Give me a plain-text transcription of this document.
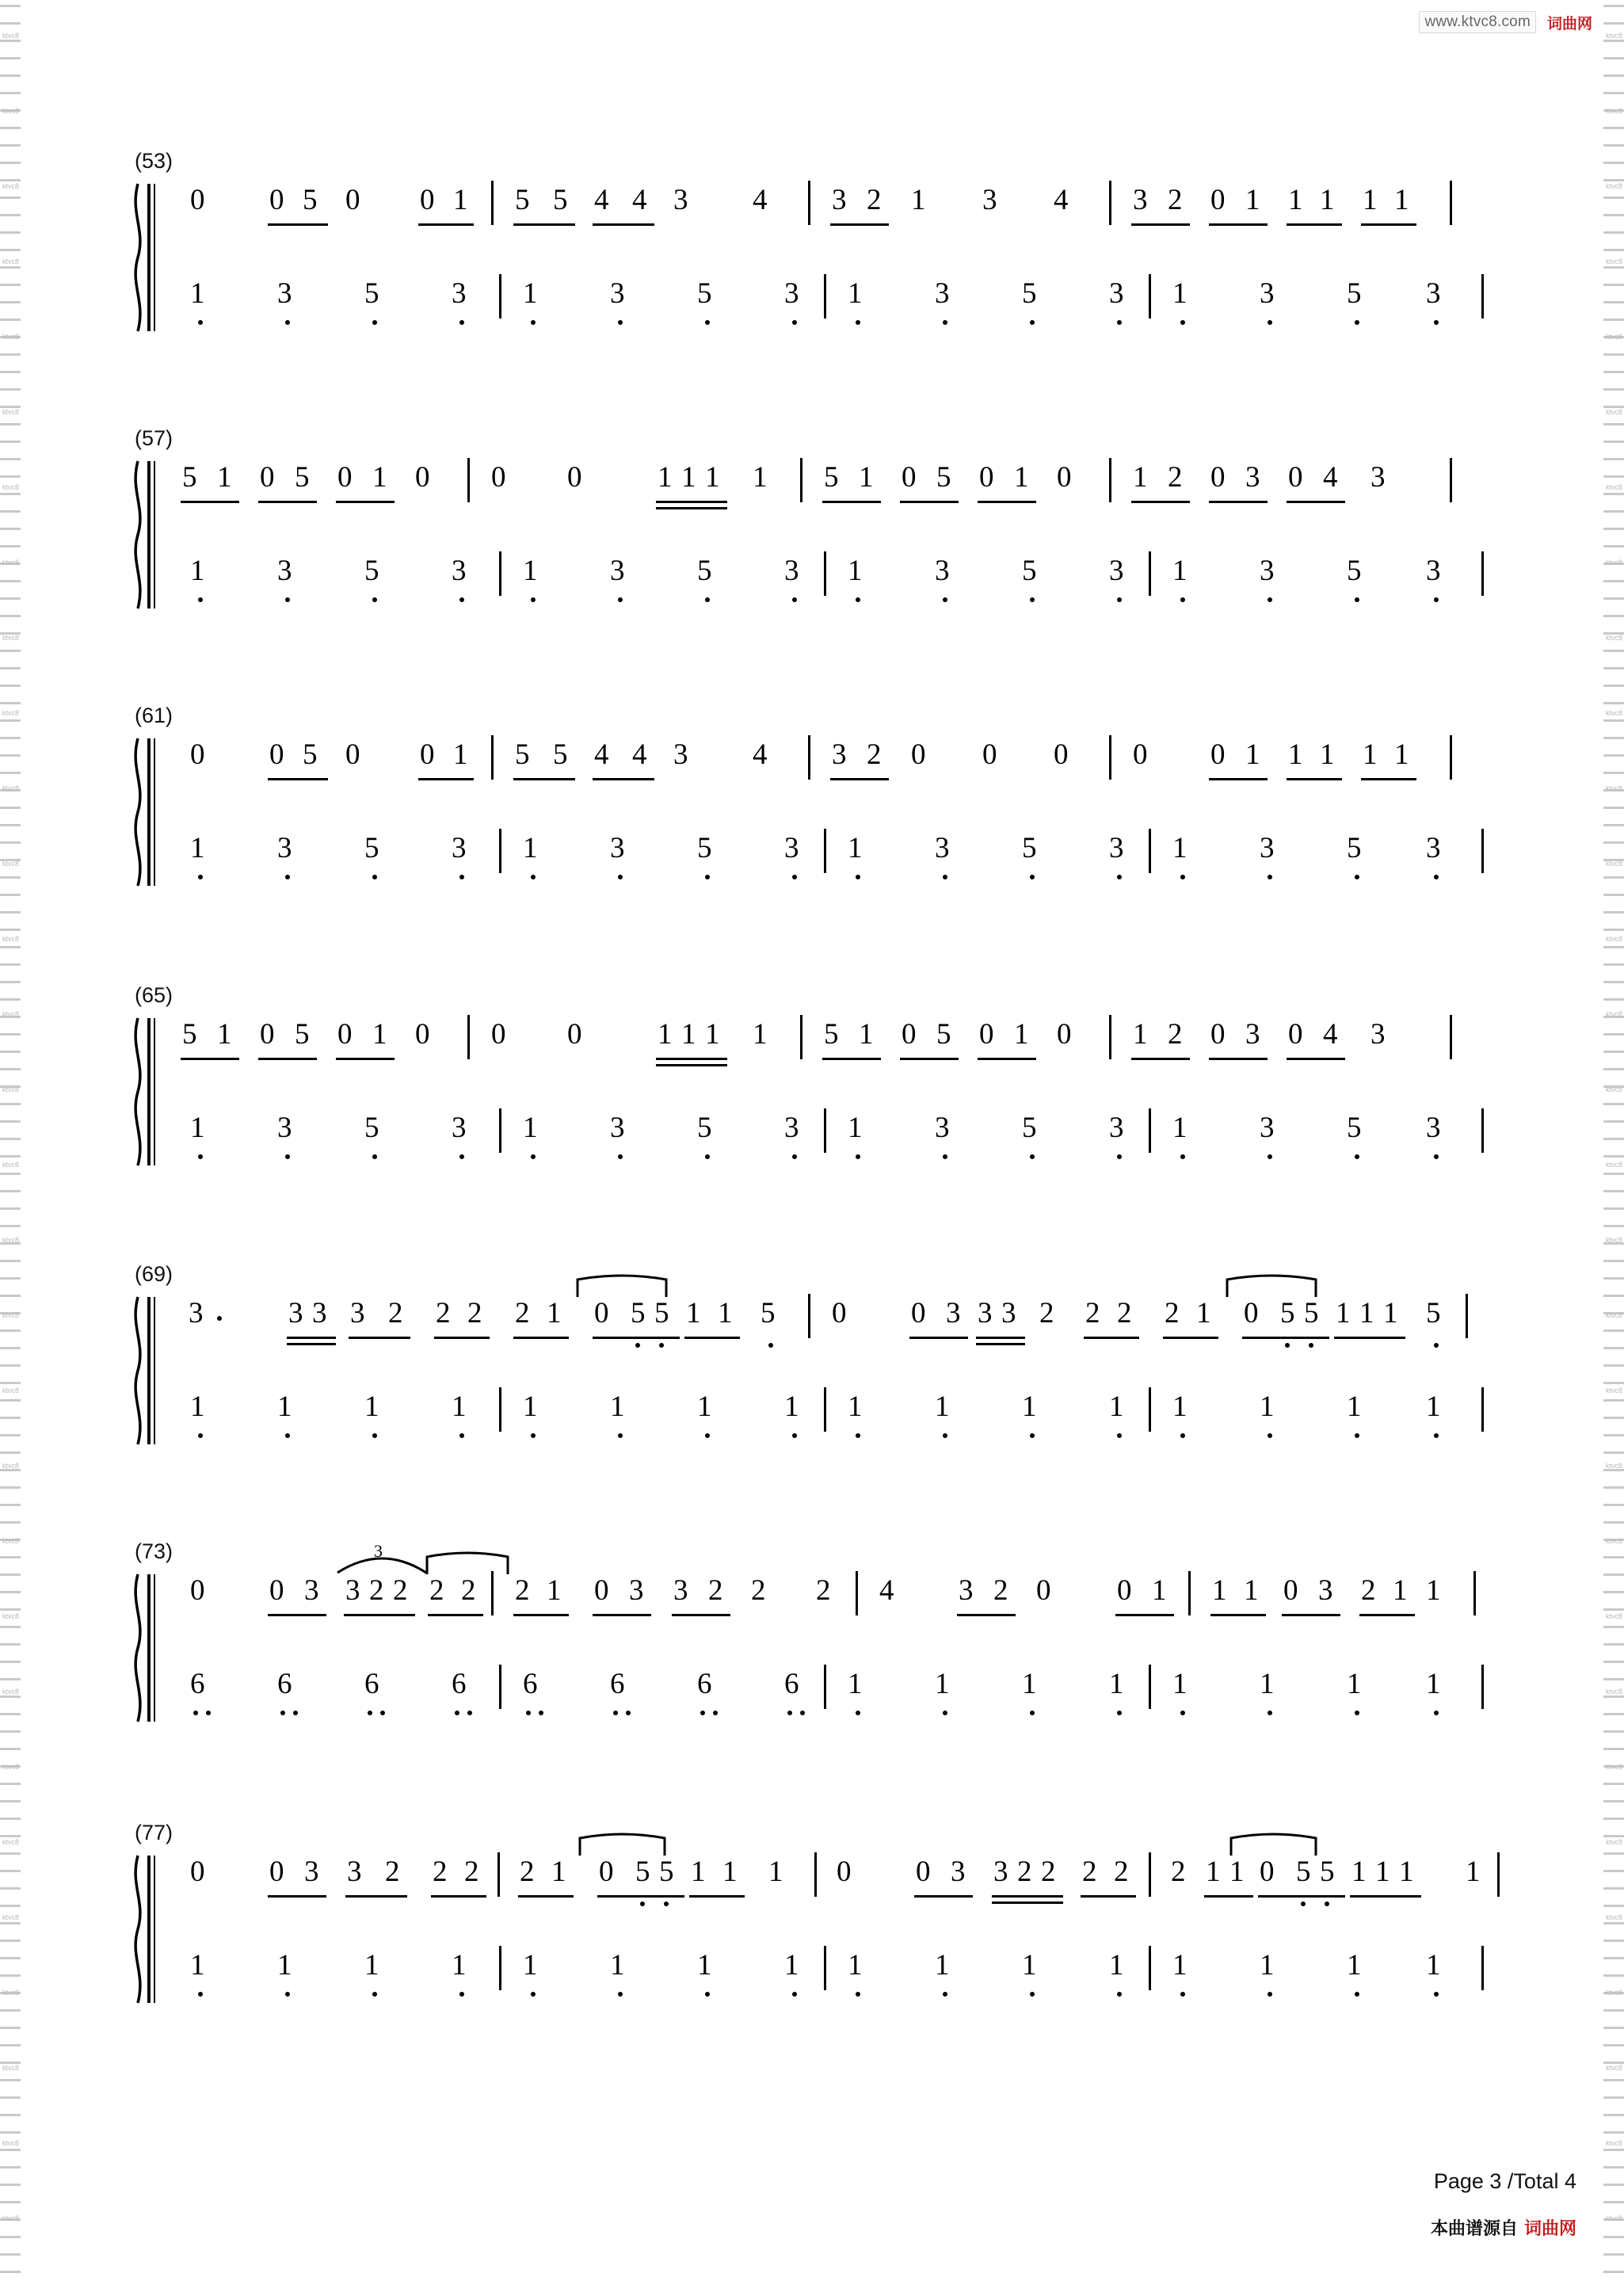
ktvc8
ktvc8
ktvc8
ktvc8
ktvc8
ktvc8
ktvc8
ktvc8
ktvc8
ktvc8
ktvc8
ktvc8
ktvc8
ktvc8
ktvc8
ktvc8
ktvc8
ktvc8
ktvc8
ktvc8
ktvc8
ktvc8
ktvc8
ktvc8
ktvc8
ktvc8
ktvc8
ktvc8
ktvc8
ktvc8
ktvc8
ktvc8
ktvc8
ktvc8
ktvc8
ktvc8
ktvc8
ktvc8
ktvc8
ktvc8
ktvc8
ktvc8
ktvc8
ktvc8
ktvc8
ktvc8
ktvc8
ktvc8
ktvc8
ktvc8
ktvc8
ktvc8
ktvc8
ktvc8
ktvc8
ktvc8
ktvc8
ktvc8
ktvc8
ktvc8
www.ktvc8.com	词曲网
(53)
0 0 5 0 0 1 5 5 4 4 3 4 3 2 1 3 4 3 2 0 1 1 1 1 1
1 3 5 3 1 3 5 3 1 3 5 3 1 3 5 3
(57)
5 1 0 5 0 1 0 0 0	1 1 1 1 5 1 0 5 0 1 0 1 2 0 3 0 4 3
1 3 5 3 1 3 5 3 1 3 5 3 1 3 5 3
(61)
0 0 5 0 0 1 5 5 4 4 3 4 3 2 0 0 0 0 0 1 1 1 1 1
1 3 5 3 1 3 5 3 1 3 5 3 1 3 5 3
(65)
5 1 0 5 0 1 0 0 0	1 1 1 1 5 1 0 5 0 1 0 1 2 0 3 0 4 3
1 3 5 3 1 3 5 3 1 3 5 3 1 3 5 3
(69)
3	3 3 3 2 2 2 2 1 0 5 5 1 1 5 0 0 3 3 3 2 2 2 2 1 0 5 5 1 1 1 5
1 1 1 1 1 1 1 1 1 1 1 1 1 1 1 1
(73)
0 0 3
3
3 2 2 2 2 2 1 0 3 3 2 2 2 4 3 2 0 0 1 1 1 0 3 2 1 1
6 6 6 6 6 6 6 6 1 1 1 1 1 1 1 1
(77)
0 0 3 3 2 2 2 2 1 0 5 5 1 1 1 0 0 3 3 2 2 2 2 2 1 1 0 5 5 1 1 1 1
1 1 1 1 1 1 1 1 1 1 1 1 1 1 1 1
Page 3 /Total 4
本曲谱源自 词曲网
